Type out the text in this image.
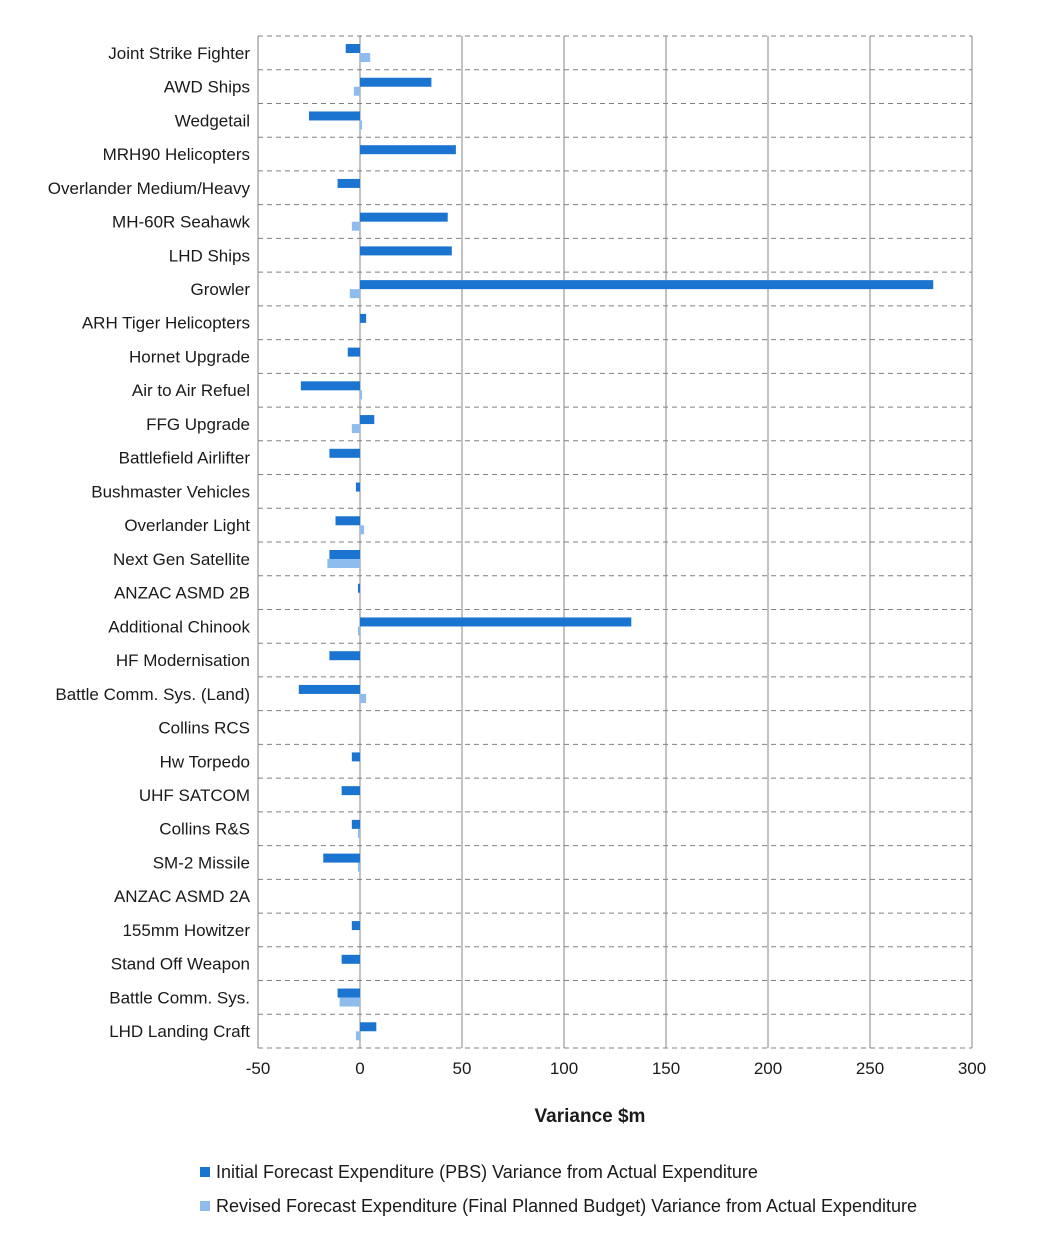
Joint Strike Fighter
AWD Ships
Wedgetail
MRH90 Helicopters
Overlander Medium/Heavy
MH-60R Seahawk
LHD Ships
Growler
ARH Tiger Helicopters
Hornet Upgrade
Air to Air Refuel
FFG Upgrade
Battlefield Airlifter
Bushmaster Vehicles
Overlander Light
Next Gen Satellite
ANZAC ASMD 2B
Additional Chinook
HF Modernisation
Battle Comm. Sys. (Land)
Collins RCS
Hw Torpedo
UHF SATCOM
Collins R&S
SM-2 Missile
ANZAC ASMD 2A
155mm Howitzer
Stand Off Weapon
Battle Comm. Sys.
LHD Landing Craft
-50	0	50	100	150	200	250	300
Variance $m
Initial Forecast Expenditure (PBS) Variance from Actual Expenditure
Revised Forecast Expenditure (Final Planned Budget) Variance from Actual Expenditure
